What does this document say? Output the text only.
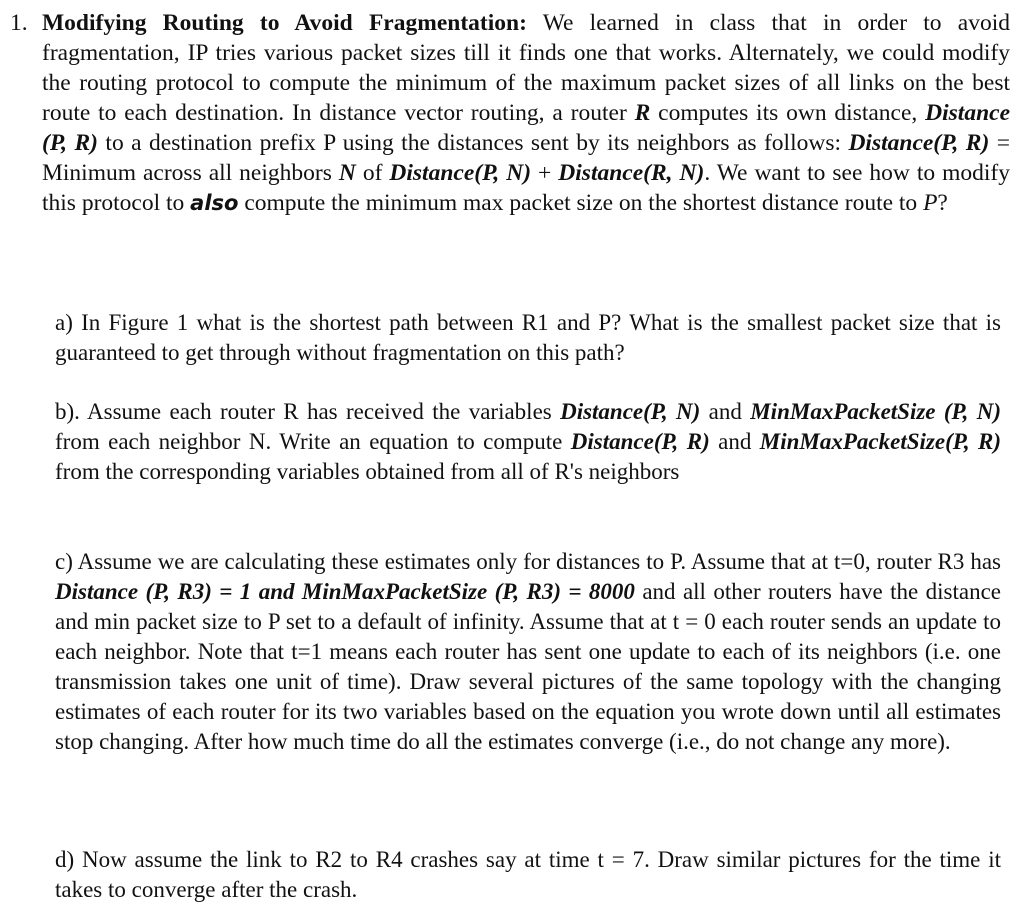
1. Modifying Routing to Avoid Fragmentation: We learned in class that in order to avoid fragmentation, IP tries various packet sizes till it finds one that works. Alternately, we could modify the routing protocol to compute the minimum of the maximum packet sizes of all links on the best route to each destination. In distance vector routing, a router R computes its own distance, Distance (P, R) to a destination prefix P using the distances sent by its neighbors as follows: Distance(P, R) = Minimum across all neighbors N of Distance(P, N) + Distance(R, N). We want to see how to modify this protocol to also compute the minimum max packet size on the shortest distance route to P?
a) In Figure 1 what is the shortest path between R1 and P? What is the smallest packet size that is guaranteed to get through without fragmentation on this path?
b). Assume each router R has received the variables Distance(P, N) and MinMaxPacketSize (P, N) from each neighbor N. Write an equation to compute Distance(P, R) and MinMaxPacketSize(P, R) from the corresponding variables obtained from all of R's neighbors
c) Assume we are calculating these estimates only for distances to P. Assume that at t=0, router R3 has Distance (P, R3) = 1 and MinMaxPacketSize (P, R3) = 8000 and all other routers have the distance and min packet size to P set to a default of infinity. Assume that at t = 0 each router sends an update to each neighbor. Note that t=1 means each router has sent one update to each of its neighbors (i.e. one transmission takes one unit of time). Draw several pictures of the same topology with the changing estimates of each router for its two variables based on the equation you wrote down until all estimates stop changing. After how much time do all the estimates converge (i.e., do not change any more).
d) Now assume the link to R2 to R4 crashes say at time t = 7. Draw similar pictures for the time it takes to converge after the crash.
